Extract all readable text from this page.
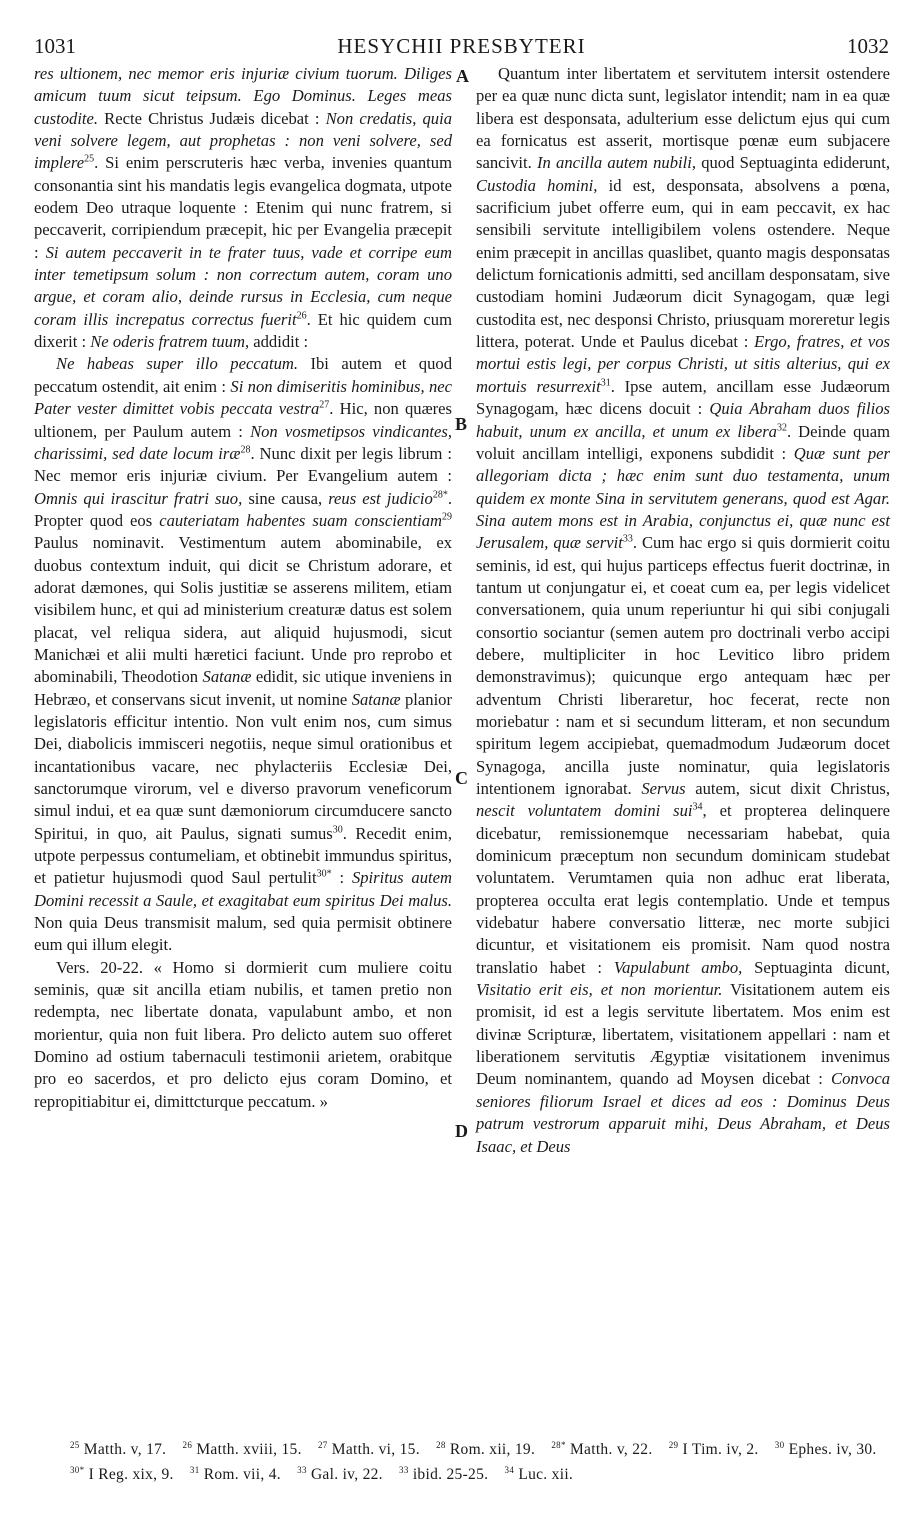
1031	HESYCHII PRESBYTERI	1032
A
B
C
D

res ultionem, nec memor eris injuriæ civium tuorum. Diliges amicum tuum sicut teipsum. Ego Dominus. Leges meas custodite. Recte Christus Judæis dicebat : Non credatis, quia veni solvere legem, aut prophetas : non veni solvere, sed implere$^{25}$. Si enim perscruteris hæc verba, invenies quantum consonantia sint his mandatis legis evangelica dogmata, utpote eodem Deo utraque loquente : Etenim qui nunc fratrem, si peccaverit, corripiendum præcepit, hic per Evangelia præcepit : Si autem peccaverit in te frater tuus, vade et corripe eum inter temetipsum solum : non correctum autem, coram uno argue, et coram alio, deinde rursus in Ecclesia, cum neque coram illis increpatus correctus fuerit$^{26}$. Et hic quidem cum dixerit : Ne oderis fratrem tuum, addidit :

Ne habeas super illo peccatum. Ibi autem et quod peccatum ostendit, ait enim : Si non dimiseritis hominibus, nec Pater vester dimittet vobis peccata vestra$^{27}$. Hic, non quæres ultionem, per Paulum autem : Non vosmetipsos vindicantes, charissimi, sed date locum iræ$^{28}$. Nunc dixit per legis librum : Nec memor eris injuriæ civium. Per Evangelium autem : Omnis qui irascitur fratri suo, sine causa, reus est judicio$^{28*}$. Propter quod eos cauteriatam habentes suam conscientiam$^{29}$ Paulus nominavit. Vestimentum autem abominabile, ex duobus contextum induit, qui dicit se Christum adorare, et adorat dæmones, qui Solis justitiæ se asserens militem, etiam visibilem hunc, et qui ad ministerium creaturæ datus est solem placat, vel reliqua sidera, aut aliquid hujusmodi, sicut Manichæi et alii multi hæretici faciunt. Unde pro reprobo et abominabili, Theodotion Satanæ edidit, sic utique inveniens in Hebræo, et conservans sicut invenit, ut nomine Satanæ planior legislatoris efficitur intentio. Non vult enim nos, cum simus Dei, diabolicis immisceri negotiis, neque simul orationibus et incantationibus vacare, nec phylacteriis Ecclesiæ Dei, sanctorumque virorum, vel e diverso pravorum veneficorum simul indui, et ea quæ sunt dæmoniorum circumducere sancto Spiritui, in quo, ait Paulus, signati sumus$^{30}$. Recedit enim, utpote perpessus contumeliam, et obtinebit immundus spiritus, et patietur hujusmodi quod Saul pertulit$^{30*}$ : Spiritus autem Domini recessit a Saule, et exagitabat eum spiritus Dei malus. Non quia Deus transmisit malum, sed quia permisit obtinere eum qui illum elegit.

Vers. 20-22. « Homo si dormierit cum muliere coitu seminis, quæ sit ancilla etiam nubilis, et tamen pretio non redempta, nec libertate donata, vapulabunt ambo, et non morientur, quia non fuit libera. Pro delicto autem suo offeret Domino ad ostium tabernaculi testimonii arietem, orabitque pro eo sacerdos, et pro delicto ejus coram Domino, et repropitiabitur ei, dimittcturque peccatum. »

Quantum inter libertatem et servitutem intersit ostendere per ea quæ nunc dicta sunt, legislator intendit; nam in ea quæ libera est desponsata, adulterium esse delictum ejus qui cum ea fornicatus est asserit, mortisque pœnæ eum subjacere sancivit. In ancilla autem nubili, quod Septuaginta ediderunt, Custodia homini, id est, desponsata, absolvens a pœna, sacrificium jubet offerre eum, qui in eam peccavit, ex hac sensibili servitute intelligibilem volens ostendere. Neque enim præcepit in ancillas quaslibet, quanto magis desponsatas delictum fornicationis admitti, sed ancillam desponsatam, sive custodiam homini Judæorum dicit Synagogam, quæ legi custodita est, nec desponsi Christo, priusquam moreretur legis littera, poterat. Unde et Paulus dicebat : Ergo, fratres, et vos mortui estis legi, per corpus Christi, ut sitis alterius, qui ex mortuis resurrexit$^{31}$. Ipse autem, ancillam esse Judæorum Synagogam, hæc dicens docuit : Quia Abraham duos filios habuit, unum ex ancilla, et unum ex libera$^{32}$. Deinde quam voluit ancillam intelligi, exponens subdidit : Quæ sunt per allegoriam dicta ; hæc enim sunt duo testamenta, unum quidem ex monte Sina in servitutem generans, quod est Agar. Sina autem mons est in Arabia, conjunctus ei, quæ nunc est Jerusalem, quæ servit$^{33}$. Cum hac ergo si quis dormierit coitu seminis, id est, qui hujus particeps effectus fuerit doctrinæ, in tantum ut conjungatur ei, et coeat cum ea, per legis videlicet conversationem, quia unum reperiuntur hi qui sibi conjugali consortio sociantur (semen autem pro doctrinali verbo accipi debere, multipliciter in hoc Levitico libro pridem demonstravimus); quicunque ergo antequam hæc per adventum Christi liberaretur, hoc fecerat, recte non moriebatur : nam et si secundum litteram, et non secundum spiritum legem accipiebat, quemadmodum Judæorum docet Synagoga, ancilla juste nominatur, quia legislatoris intentionem ignorabat. Servus autem, sicut dixit Christus, nescit voluntatem domini sui$^{34}$, et propterea delinquere dicebatur, remissionemque necessariam habebat, quia dominicum præceptum non secundum dominicam studebat voluntatem. Verumtamen quia non adhuc erat liberata, propterea occulta erat legis contemplatio. Unde et tempus videbatur habere conversatio litteræ, nec morte subjici dicuntur, et visitationem eis promisit. Nam quod nostra translatio habet : Vapulabunt ambo, Septuaginta dicunt, Visitatio erit eis, et non morientur. Visitationem autem eis promisit, id est a legis servitute libertatem. Mos enim est divinæ Scripturæ, libertatem, visitationem appellari : nam et liberationem servitutis Ægyptiæ visitationem invenimus Deum nominantem, quando ad Moysen dicebat : Convoca seniores filiorum Israel et dices ad eos : Dominus Deus patrum vestrorum apparuit mihi, Deus Abraham, et Deus Isaac, et Deus

$^{25}$ Matth. v, 17. $^{26}$ Matth. xviii, 15. $^{27}$ Matth. vi, 15. $^{28}$ Rom. xii, 19. $^{28*}$ Matth. v, 22. $^{29}$ I Tim. iv, 2. $^{30}$ Ephes. iv, 30. $^{30*}$ I Reg. xix, 9. $^{31}$ Rom. vii, 4. $^{33}$ Gal. iv, 22. $^{33}$ ibid. 25-25. $^{34}$ Luc. xii.
